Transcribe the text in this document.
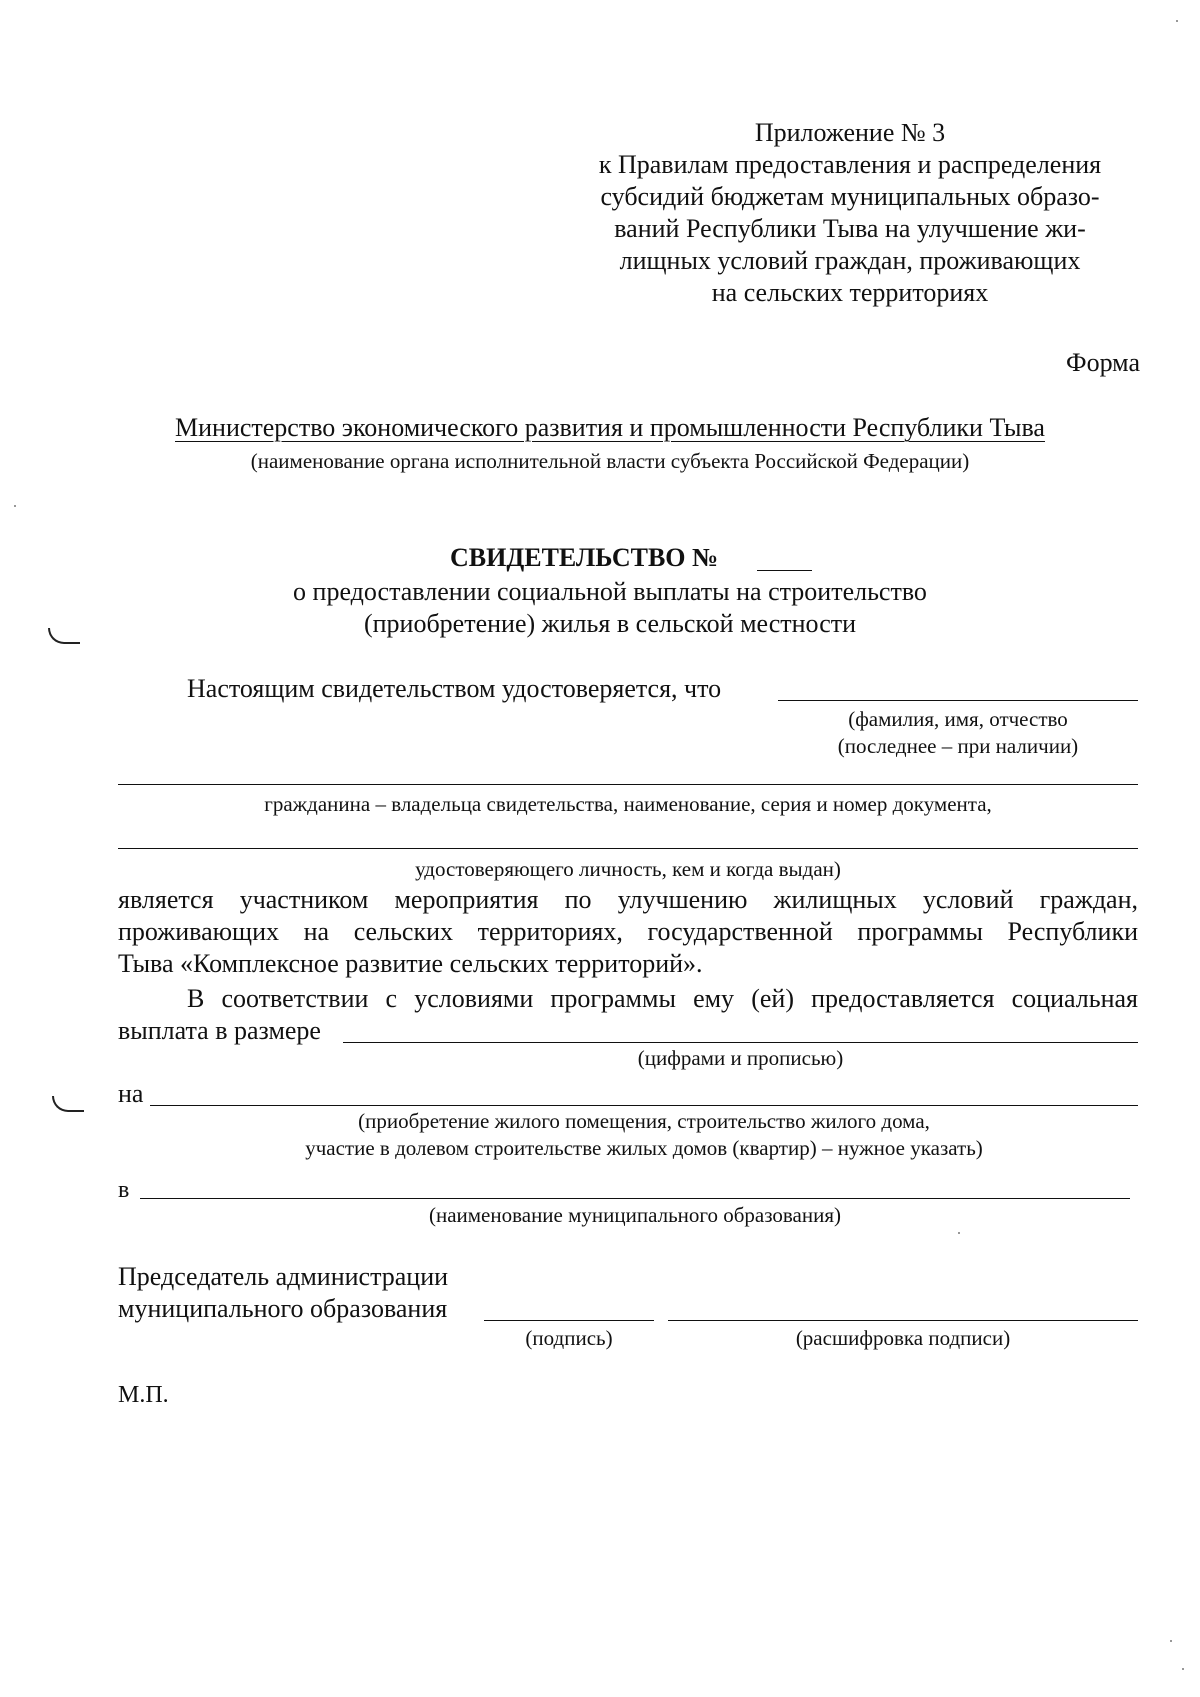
Приложение № 3
к Правилам предоставления и распределения
субсидий бюджетам муниципальных образо-
ваний Республики Тыва на улучшение жи-
лищных условий граждан, проживающих
на сельских территориях
Форма
Министерство экономического развития и промышленности Республики Тыва
(наименование органа исполнительной власти субъекта Российской Федерации)
СВИДЕТЕЛЬСТВО №
о предоставлении социальной выплаты на строительство
(приобретение) жилья в сельской местности
Настоящим свидетельством удостоверяется, что
(фамилия, имя, отчество
(последнее – при наличии)
гражданина – владельца свидетельства, наименование, серия и номер документа,
удостоверяющего личность, кем и когда выдан)
является участником мероприятия по улучшению жилищных условий граждан,
проживающих на сельских территориях, государственной программы Республики
Тыва «Комплексное развитие сельских территорий».
В соответствии с условиями программы ему (ей) предоставляется социальная
выплата в размере
(цифрами и прописью)
на
(приобретение жилого помещения, строительство жилого дома,
участие в долевом строительстве жилых домов (квартир) – нужное указать)
в
(наименование муниципального образования)
Председатель администрации
муниципального образования
(подпись)	(расшифровка подписи)
М.П.
